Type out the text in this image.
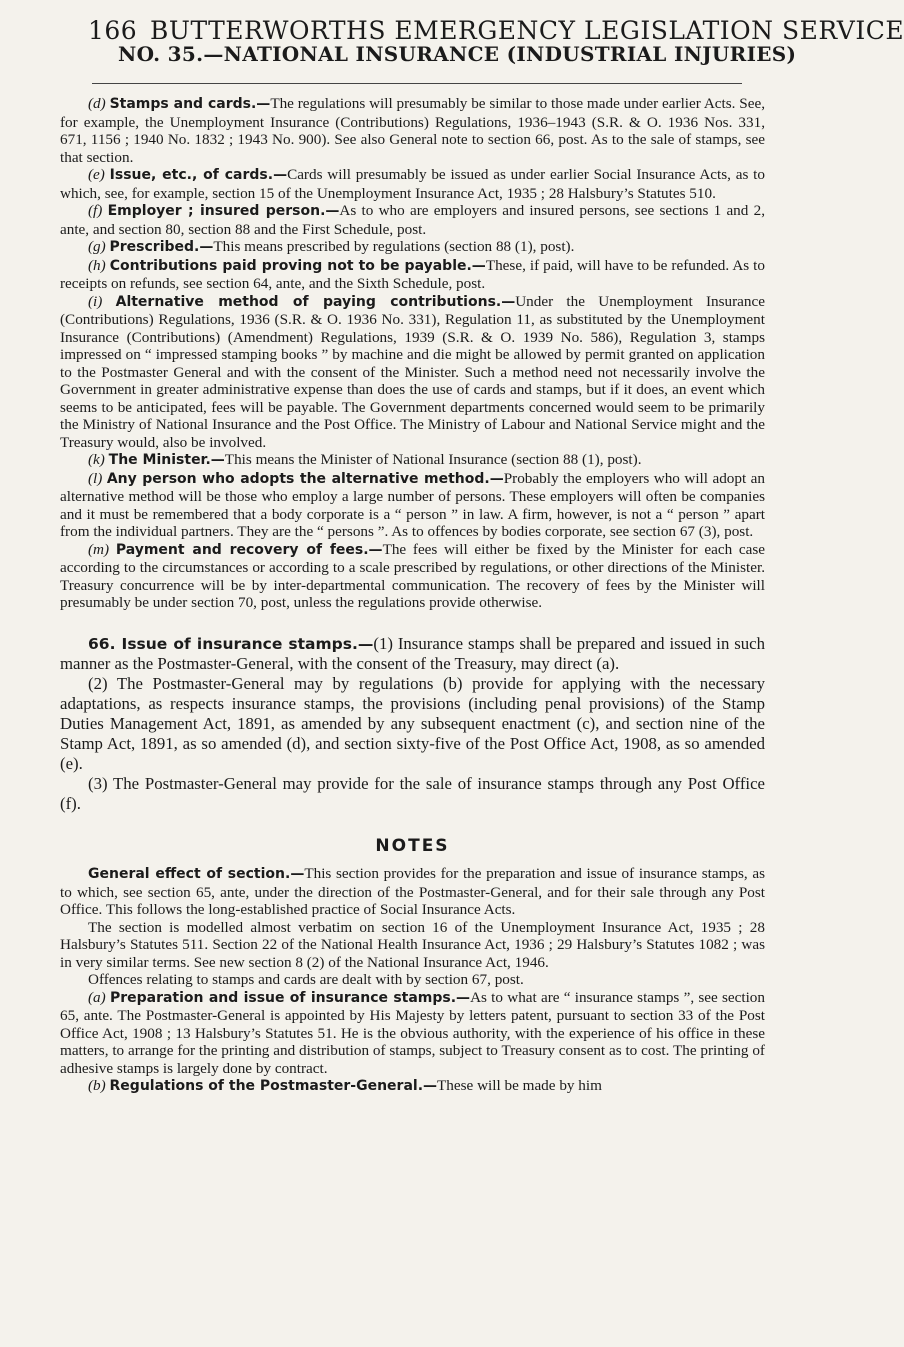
166 BUTTERWORTHS EMERGENCY LEGISLATION SERVICE
NO. 35.—NATIONAL INSURANCE (INDUSTRIAL INJURIES)

(d) Stamps and cards.—The regulations will presumably be similar to those made under earlier Acts. See, for example, the Unemployment Insurance (Contributions) Regulations, 1936–1943 (S.R. & O. 1936 Nos. 331, 671, 1156 ; 1940 No. 1832 ; 1943 No. 900). See also General note to section 66, post. As to the sale of stamps, see that section.

(e) Issue, etc., of cards.—Cards will presumably be issued as under earlier Social Insurance Acts, as to which, see, for example, section 15 of the Unemployment Insurance Act, 1935 ; 28 Halsbury’s Statutes 510.

(f) Employer ; insured person.—As to who are employers and insured persons, see sections 1 and 2, ante, and section 80, section 88 and the First Schedule, post.

(g) Prescribed.—This means prescribed by regulations (section 88 (1), post).

(h) Contributions paid proving not to be payable.—These, if paid, will have to be refunded. As to receipts on refunds, see section 64, ante, and the Sixth Schedule, post.

(i) Alternative method of paying contributions.—Under the Unemployment Insurance (Contributions) Regulations, 1936 (S.R. & O. 1936 No. 331), Regulation 11, as substituted by the Unemployment Insurance (Contributions) (Amendment) Regulations, 1939 (S.R. & O. 1939 No. 586), Regulation 3, stamps impressed on “ impressed stamping books ” by machine and die might be allowed by permit granted on application to the Postmaster General and with the consent of the Minister. Such a method need not necessarily involve the Government in greater administrative expense than does the use of cards and stamps, but if it does, an event which seems to be anticipated, fees will be payable. The Government departments concerned would seem to be primarily the Ministry of National Insurance and the Post Office. The Ministry of Labour and National Service might and the Treasury would, also be involved.

(k) The Minister.—This means the Minister of National Insurance (section 88 (1), post).

(l) Any person who adopts the alternative method.—Probably the employers who will adopt an alternative method will be those who employ a large number of persons. These employers will often be companies and it must be remembered that a body corporate is a “ person ” in law. A firm, however, is not a “ person ” apart from the individual partners. They are the “ persons ”. As to offences by bodies corporate, see section 67 (3), post.

(m) Payment and recovery of fees.—The fees will either be fixed by the Minister for each case according to the circumstances or according to a scale prescribed by regulations, or other directions of the Minister. Treasury concurrence will be by inter-departmental communication. The recovery of fees by the Minister will presumably be under section 70, post, unless the regulations provide otherwise.

66. Issue of insurance stamps.—(1) Insurance stamps shall be prepared and issued in such manner as the Postmaster-General, with the consent of the Treasury, may direct (a).

(2) The Postmaster-General may by regulations (b) provide for applying with the necessary adaptations, as respects insurance stamps, the provisions (including penal provisions) of the Stamp Duties Management Act, 1891, as amended by any subsequent enactment (c), and section nine of the Stamp Act, 1891, as so amended (d), and section sixty-five of the Post Office Act, 1908, as so amended (e).

(3) The Postmaster-General may provide for the sale of insurance stamps through any Post Office (f).

NOTES

General effect of section.—This section provides for the preparation and issue of insurance stamps, as to which, see section 65, ante, under the direction of the Postmaster-General, and for their sale through any Post Office. This follows the long-established practice of Social Insurance Acts.

The section is modelled almost verbatim on section 16 of the Unemployment Insurance Act, 1935 ; 28 Halsbury’s Statutes 511. Section 22 of the National Health Insurance Act, 1936 ; 29 Halsbury’s Statutes 1082 ; was in very similar terms. See new section 8 (2) of the National Insurance Act, 1946.

Offences relating to stamps and cards are dealt with by section 67, post.

(a) Preparation and issue of insurance stamps.—As to what are “ insurance stamps ”, see section 65, ante. The Postmaster-General is appointed by His Majesty by letters patent, pursuant to section 33 of the Post Office Act, 1908 ; 13 Halsbury’s Statutes 51. He is the obvious authority, with the experience of his office in these matters, to arrange for the printing and distribution of stamps, subject to Treasury consent as to cost. The printing of adhesive stamps is largely done by contract.

(b) Regulations of the Postmaster-General.—These will be made by him
